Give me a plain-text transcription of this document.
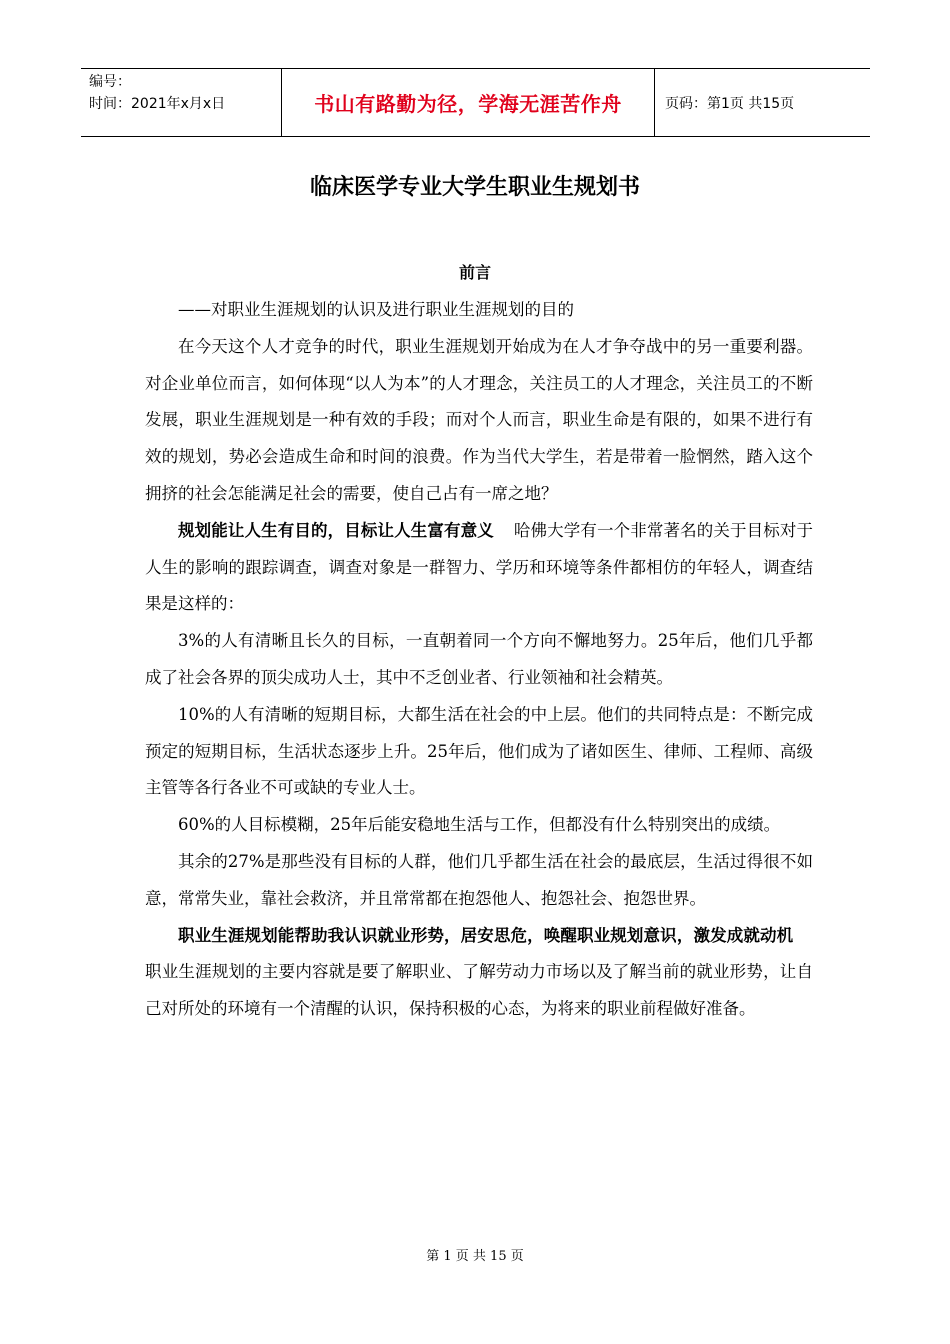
编号：
时间：2021年x月x日	书山有路勤为径，学海无涯苦作舟	页码：第1页 共15页
临床医学专业大学生职业生规划书
前言

——对职业生涯规划的认识及进行职业生涯规划的目的

在今天这个人才竞争的时代，职业生涯规划开始成为在人才争夺战中的另一重要利器。对企业单位而言，如何体现“以人为本”的人才理念，关注员工的人才理念，关注员工的不断发展，职业生涯规划是一种有效的手段；而对个人而言，职业生命是有限的，如果不进行有效的规划，势必会造成生命和时间的浪费。作为当代大学生，若是带着一脸惘然，踏入这个拥挤的社会怎能满足社会的需要，使自己占有一席之地？

规划能让人生有目的，目标让人生富有意义 哈佛大学有一个非常著名的关于目标对于人生的影响的跟踪调查，调查对象是一群智力、学历和环境等条件都相仿的年轻人，调查结果是这样的：

3%的人有清晰且长久的目标，一直朝着同一个方向不懈地努力。25年后，他们几乎都成了社会各界的顶尖成功人士，其中不乏创业者、行业领袖和社会精英。

10%的人有清晰的短期目标，大都生活在社会的中上层。他们的共同特点是：不断完成预定的短期目标，生活状态逐步上升。25年后，他们成为了诸如医生、律师、工程师、高级主管等各行各业不可或缺的专业人士。

60%的人目标模糊，25年后能安稳地生活与工作，但都没有什么特别突出的成绩。

其余的27%是那些没有目标的人群，他们几乎都生活在社会的最底层，生活过得很不如意，常常失业，靠社会救济，并且常常都在抱怨他人、抱怨社会、抱怨世界。

职业生涯规划能帮助我认识就业形势，居安思危，唤醒职业规划意识，激发成就动机职业生涯规划的主要内容就是要了解职业、了解劳动力市场以及了解当前的就业形势，让自己对所处的环境有一个清醒的认识，保持积极的心态，为将来的职业前程做好准备。

第 1 页 共 15 页
